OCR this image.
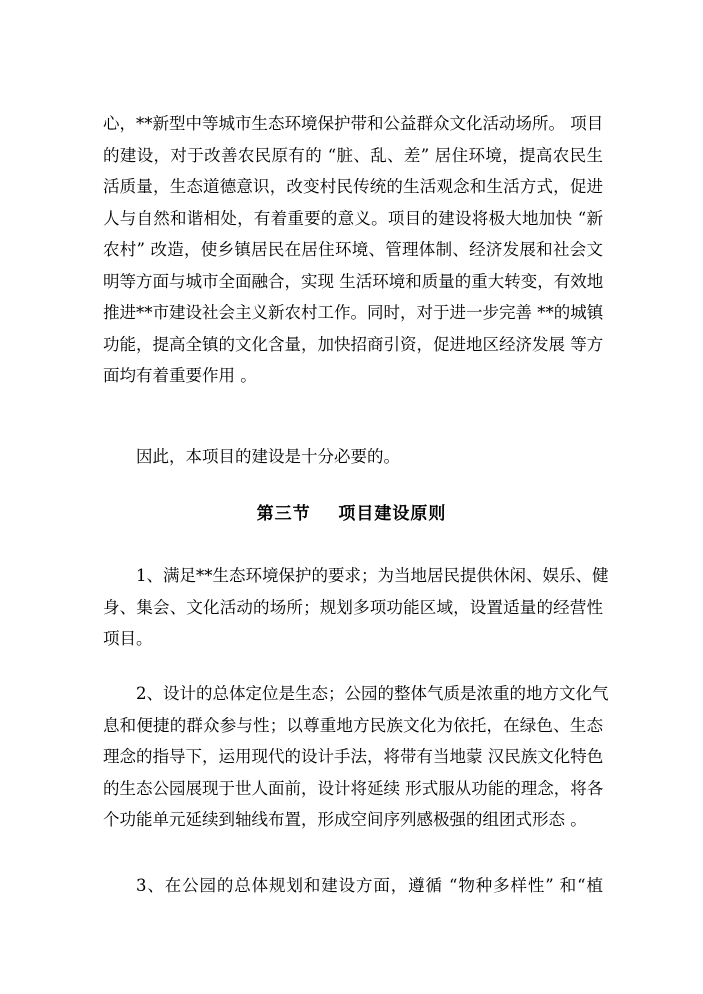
心，**新型中等城市生态环境保护带和公益群众文化活动场所。 项目
的建设，对于改善农民原有的 “脏、乱、差” 居住环境，提高农民生
活质量，生态道德意识，改变村民传统的生活观念和生活方式，促进
人与自然和谐相处，有着重要的意义。项目的建设将极大地加快 “新
农村” 改造，使乡镇居民在居住环境、管理体制、经济发展和社会文
明等方面与城市全面融合，实现 生活环境和质量的重大转变，有效地
推进**市建设社会主义新农村工作。同时，对于进一步完善 **的城镇
功能，提高全镇的文化含量，加快招商引资，促进地区经济发展 等方
面均有着重要作用 。
因此，本项目的建设是十分必要的。
第三节    项目建设原则
1、满足**生态环境保护的要求；为当地居民提供休闲、娱乐、健
身、集会、文化活动的场所；规划多项功能区域，设置适量的经营性
项目。
2、设计的总体定位是生态；公园的整体气质是浓重的地方文化气
息和便捷的群众参与性；以尊重地方民族文化为依托，在绿色、生态
理念的指导下，运用现代的设计手法，将带有当地蒙 汉民族文化特色
的生态公园展现于世人面前，设计将延续 形式服从功能的理念，将各
个功能单元延续到轴线布置，形成空间序列感极强的组团式形态 。
3、在公园的总体规划和建设方面，遵循 “物种多样性” 和“植
